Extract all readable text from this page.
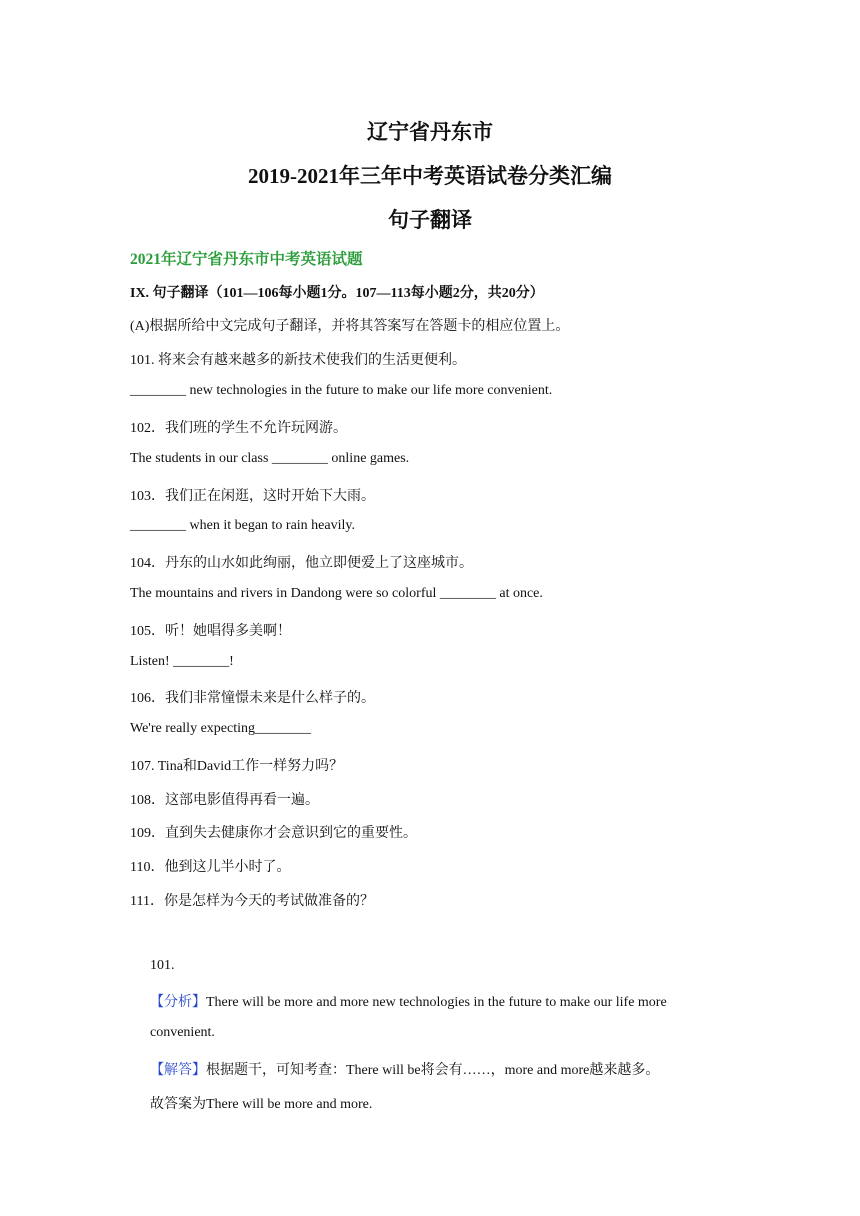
辽宁省丹东市
2019-2021年三年中考英语试卷分类汇编
句子翻译
2021年辽宁省丹东市中考英语试题
IX. 句子翻译（101—106每小题1分。107—113每小题2分，共20分）
(A)根据所给中文完成句子翻译，并将其答案写在答题卡的相应位置上。
101. 将来会有越来越多的新技术使我们的生活更便利。
________ new technologies in the future to make our life more convenient.
102．我们班的学生不允许玩网游。
The students in our class ________ online games.
103．我们正在闲逛，这时开始下大雨。
________ when it began to rain heavily.
104．丹东的山水如此绚丽，他立即便爱上了这座城市。
The mountains and rivers in Dandong were so colorful ________ at once.
105．听！她唱得多美啊！
Listen! ________!
106．我们非常憧憬未来是什么样子的。
We're really expecting________
107. Tina和David工作一样努力吗？
108．这部电影值得再看一遍。
109．直到失去健康你才会意识到它的重要性。
110．他到这儿半小时了。
111．你是怎样为今天的考试做准备的？
101.
【分析】There will be more and more new technologies in the future to make our life more
convenient.
【解答】根据题干，可知考查：There will be将会有……，more and more越来越多。
故答案为There will be more and more.
